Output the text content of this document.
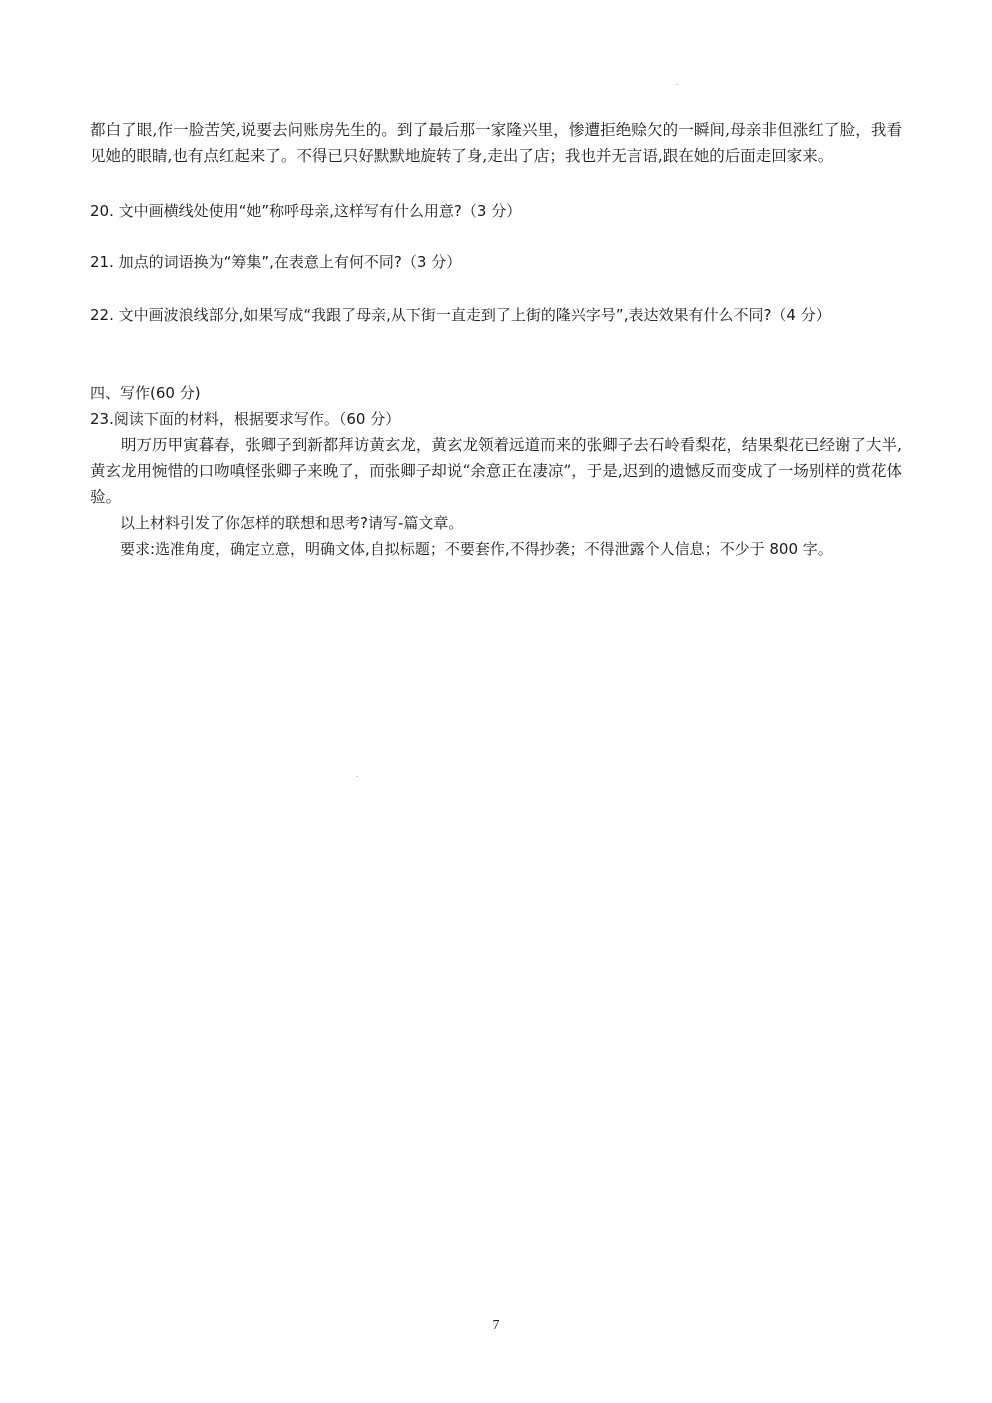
都白了眼,作一脸苦笑,说要去问账房先生的。到了最后那一家隆兴里，惨遭拒绝赊欠的一瞬间,母亲非但涨红了脸，我看见她的眼睛,也有点红起来了。不得已只好默默地旋转了身,走出了店；我也并无言语,跟在她的后面走回家来。

20. 文中画横线处使用“她”称呼母亲,这样写有什么用意?（3 分）

21. 加点的词语换为“筹集”,在表意上有何不同?（3 分）

22. 文中画波浪线部分,如果写成“我跟了母亲,从下街一直走到了上街的隆兴字号”,表达效果有什么不同?（4 分）

四、写作(60 分)

23.阅读下面的材料，根据要求写作。（60 分）

明万历甲寅暮春，张卿子到新都拜访黄玄龙，黄玄龙领着远道而来的张卿子去石岭看梨花，结果梨花已经谢了大半,黄玄龙用惋惜的口吻嗔怪张卿子来晚了，而张卿子却说“余意正在凄凉”，于是,迟到的遗憾反而变成了一场别样的赏花体验。

以上材料引发了你怎样的联想和思考?请写-篇文章。

要求:选准角度，确定立意，明确文体,自拟标题；不要套作,不得抄袭；不得泄露个人信息；不少于 800 字。

7
